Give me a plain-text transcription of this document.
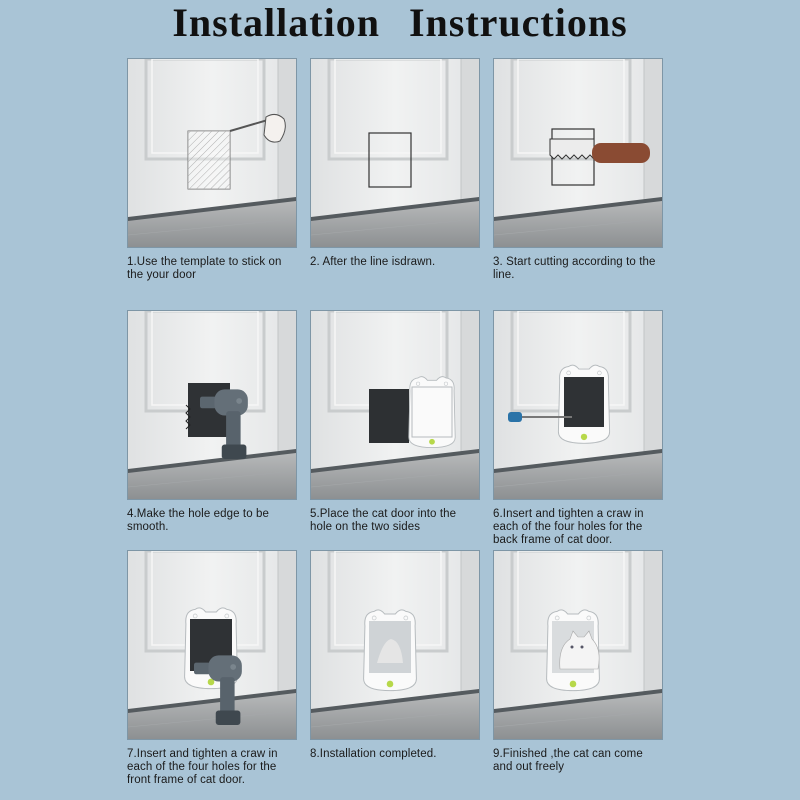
Installation Instructions
1.Use the template to stick on the your door
2. After the line isdrawn.	3. Start cutting according to the line.
4.Make the hole edge to be smooth.
5.Place the cat door into the hole on the two sides
6.Insert and tighten a craw in each of the four holes for the back frame of cat door.
7.Insert and tighten a craw in each of the four holes for the front frame of cat door.
8.Installation completed.	9.Finished ,the cat can come and out freely
